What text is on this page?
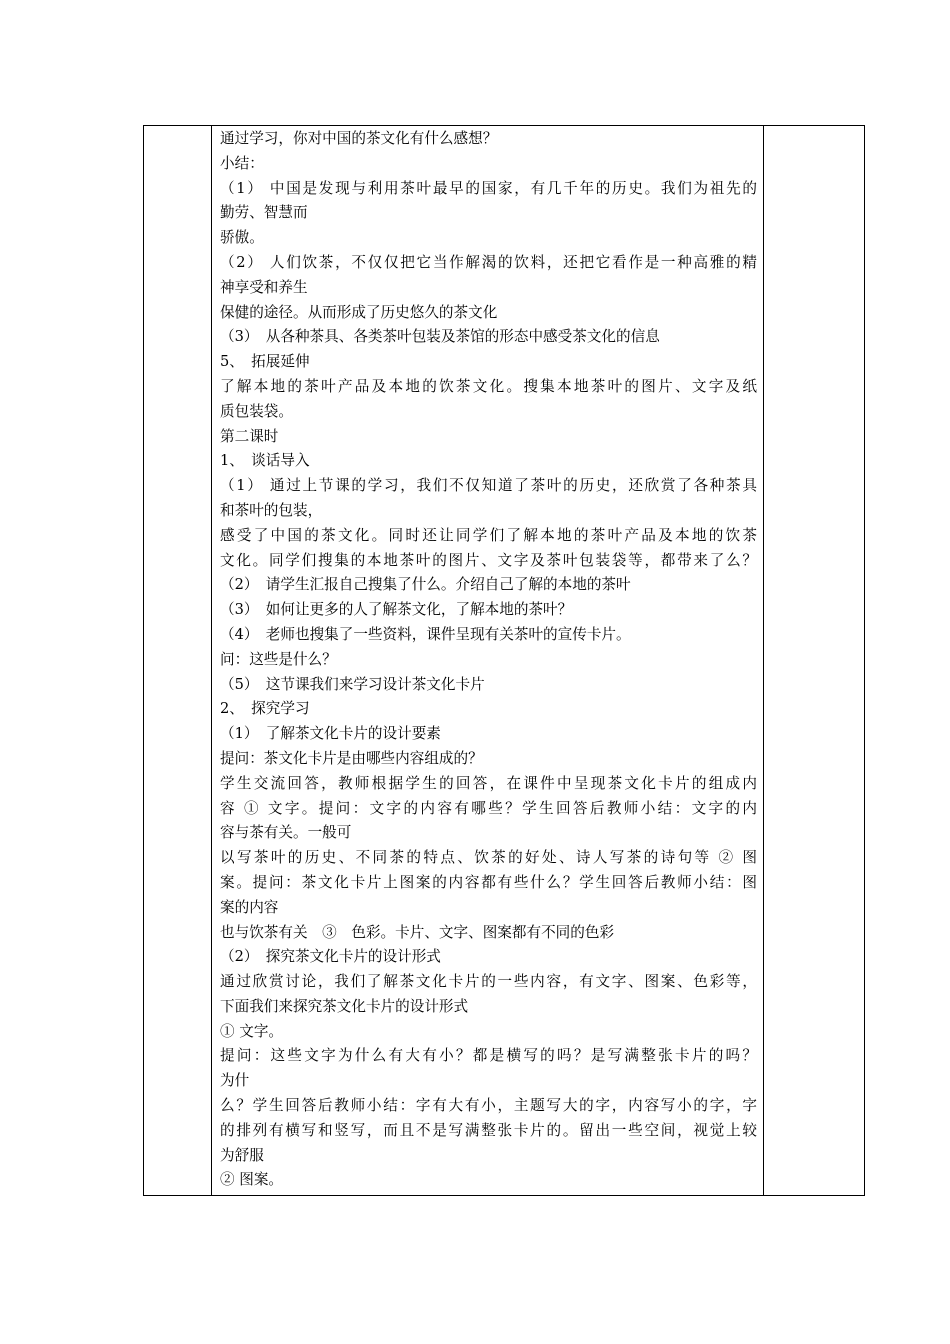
通过学习，你对中国的茶文化有什么感想？
小结：
（1） 中国是发现与利用茶叶最早的国家，有几千年的历史。我们为祖先的
勤劳、智慧而
骄傲。
（2） 人们饮茶，不仅仅把它当作解渴的饮料，还把它看作是一种高雅的精
神享受和养生
保健的途径。从而形成了历史悠久的茶文化
（3）　从各种茶具、各类茶叶包装及茶馆的形态中感受茶文化的信息
5、　拓展延伸
了解本地的茶叶产品及本地的饮茶文化。搜集本地茶叶的图片、文字及纸
质包装袋。
第二课时
1、　谈话导入
（1） 通过上节课的学习，我们不仅知道了茶叶的历史，还欣赏了各种茶具
和茶叶的包装，
感受了中国的茶文化。同时还让同学们了解本地的茶叶产品及本地的饮茶
文化。同学们搜集的本地茶叶的图片、文字及茶叶包装袋等，都带来了么？
（2）　请学生汇报自己搜集了什么。介绍自己了解的本地的茶叶
（3）　如何让更多的人了解茶文化，了解本地的茶叶？
（4）　老师也搜集了一些资料，课件呈现有关茶叶的宣传卡片。
问：这些是什么？
（5）　这节课我们来学习设计茶文化卡片
2、　探究学习
（1）　了解茶文化卡片的设计要素
提问：茶文化卡片是由哪些内容组成的？
学生交流回答，教师根据学生的回答，在课件中呈现茶文化卡片的组成内
容 ① 文字。提问：文字的内容有哪些？学生回答后教师小结：文字的内
容与茶有关。一般可
以写茶叶的历史、不同茶的特点、饮茶的好处、诗人写茶的诗句等 ② 图
案。提问：茶文化卡片上图案的内容都有些什么？学生回答后教师小结：图
案的内容
也与饮茶有关　③　色彩。卡片、文字、图案都有不同的色彩
（2）　探究茶文化卡片的设计形式
通过欣赏讨论，我们了解茶文化卡片的一些内容，有文字、图案、色彩等，
下面我们来探究茶文化卡片的设计形式
① 文字。
提问：这些文字为什么有大有小？都是横写的吗？是写满整张卡片的吗？
为什
么？学生回答后教师小结：字有大有小，主题写大的字，内容写小的字，字
的排列有横写和竖写，而且不是写满整张卡片的。留出一些空间，视觉上较
为舒服
② 图案。
